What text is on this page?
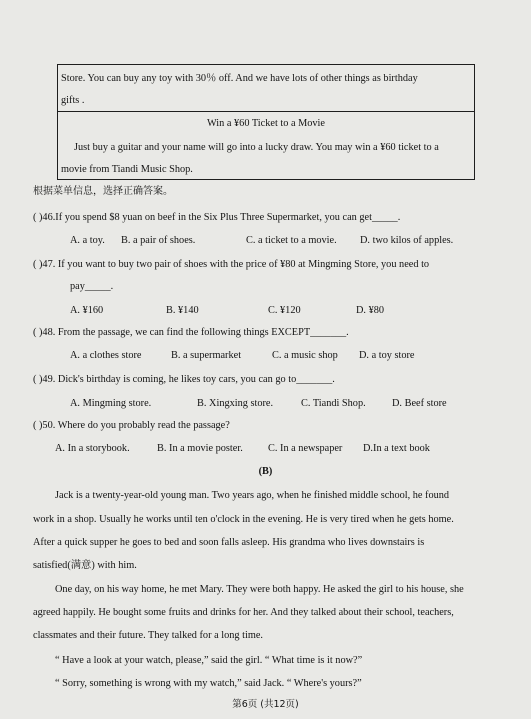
Store. You can buy any toy with 30％ off. And we have lots of other things as birthday
gifts .
Win a ¥60 Ticket to a Movie
Just buy a guitar and your name will go into a lucky draw. You may win a ¥60 ticket to a
movie from Tiandi Music Shop.
根据菜单信息，选择正确答案。
( )46.If you spend $8 yuan on beef in the Six Plus Three Supermarket, you can get_____.
A. a toy. B. a pair of shoes.	C. a ticket to a movie. D. two kilos of apples.
( )47. If you want to buy two pair of shoes with the price of ¥80 at Mingming Store, you need to
pay_____.
A. ¥160	B. ¥140	C. ¥120	D. ¥80
( )48. From the passage, we can find the following things EXCEPT_______.
A. a clothes store	B. a supermarket	C. a music shop D. a toy store
( )49. Dick's birthday is coming, he likes toy cars, you can go to_______.
A. Mingming store.	B. Xingxing store.	C. Tiandi Shop.	D. Beef store
( )50. Where do you probably read the passage?
A. In a storybook.	B. In a movie poster. C. In a newspaper D.In a text book
(B)
Jack is a twenty-year-old young man. Two years ago, when he finished middle school, he found
work in a shop. Usually he works until ten o'clock in the evening. He is very tired when he gets home.
After a quick supper he goes to bed and soon falls asleep. His grandma who lives downstairs is
satisfied(满意) with him.
One day, on his way home, he met Mary. They were both happy. He asked the girl to his house, she
agreed happily. He bought some fruits and drinks for her. And they talked about their school, teachers,
classmates and their future. They talked for a long time.
“ Have a look at your watch, please,” said the girl. “ What time is it now?”
“ Sorry, something is wrong with my watch,” said Jack. “ Where's yours?”
第6页 (共12页)
